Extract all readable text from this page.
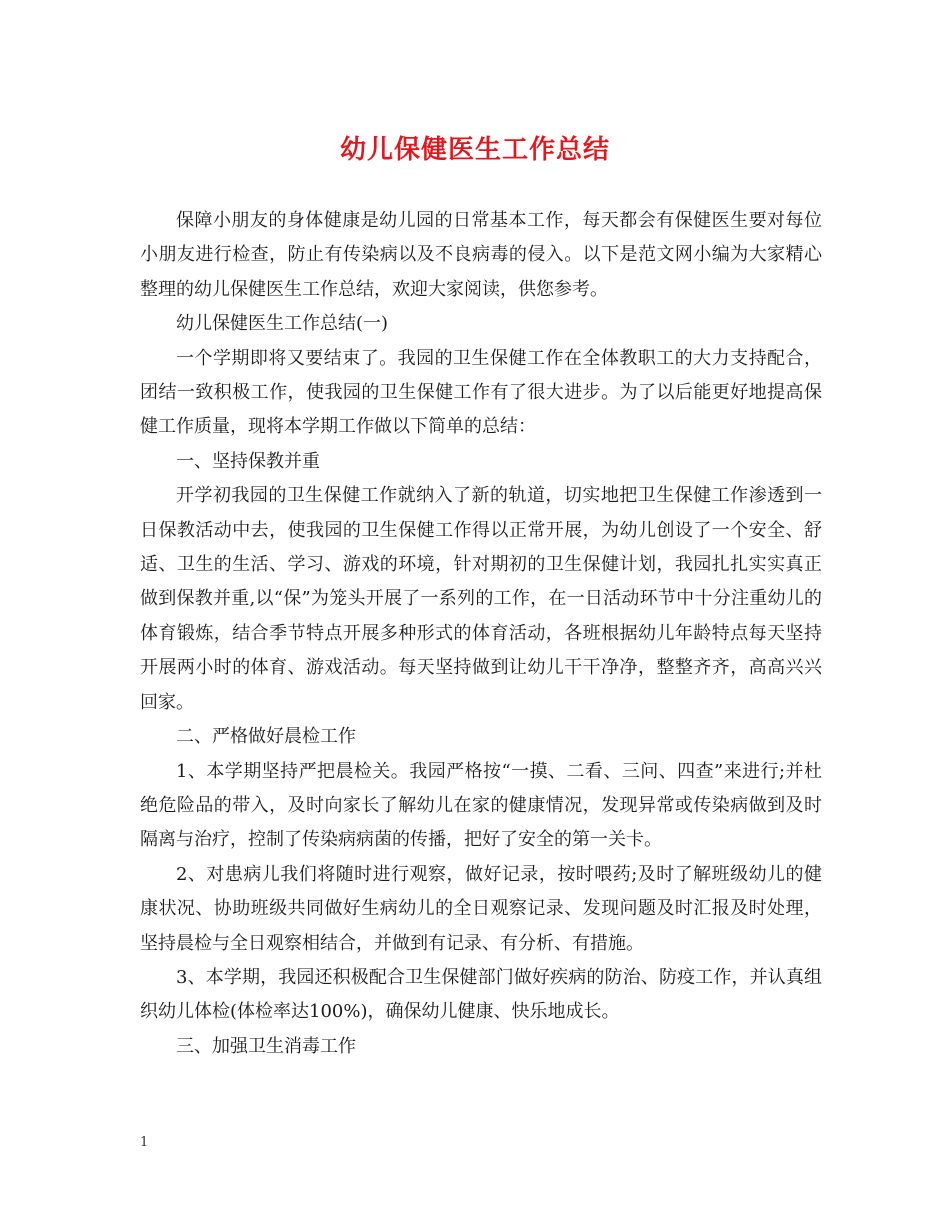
幼儿保健医生工作总结

保障小朋友的身体健康是幼儿园的日常基本工作，每天都会有保健医生要对每位小朋友进行检查，防止有传染病以及不良病毒的侵入。以下是范文网小编为大家精心整理的幼儿保健医生工作总结，欢迎大家阅读，供您参考。

幼儿保健医生工作总结(一)

一个学期即将又要结束了。我园的卫生保健工作在全体教职工的大力支持配合，团结一致积极工作，使我园的卫生保健工作有了很大进步。为了以后能更好地提高保健工作质量，现将本学期工作做以下简单的总结：

一、坚持保教并重

开学初我园的卫生保健工作就纳入了新的轨道，切实地把卫生保健工作渗透到一日保教活动中去，使我园的卫生保健工作得以正常开展，为幼儿创设了一个安全、舒适、卫生的生活、学习、游戏的环境，针对期初的卫生保健计划，我园扎扎实实真正做到保教并重,以“保”为笼头开展了一系列的工作，在一日活动环节中十分注重幼儿的体育锻炼，结合季节特点开展多种形式的体育活动，各班根据幼儿年龄特点每天坚持开展两小时的体育、游戏活动。每天坚持做到让幼儿干干净净，整整齐齐，高高兴兴回家。

二、严格做好晨检工作

1、本学期坚持严把晨检关。我园严格按“一摸、二看、三问、四查”来进行;并杜绝危险品的带入，及时向家长了解幼儿在家的健康情况，发现异常或传染病做到及时隔离与治疗，控制了传染病病菌的传播，把好了安全的第一关卡。

2、对患病儿我们将随时进行观察，做好记录，按时喂药;及时了解班级幼儿的健康状况、协助班级共同做好生病幼儿的全日观察记录、发现问题及时汇报及时处理，坚持晨检与全日观察相结合，并做到有记录、有分析、有措施。

3、本学期，我园还积极配合卫生保健部门做好疾病的防治、防疫工作，并认真组织幼儿体检(体检率达100%)，确保幼儿健康、快乐地成长。

三、加强卫生消毒工作

1
